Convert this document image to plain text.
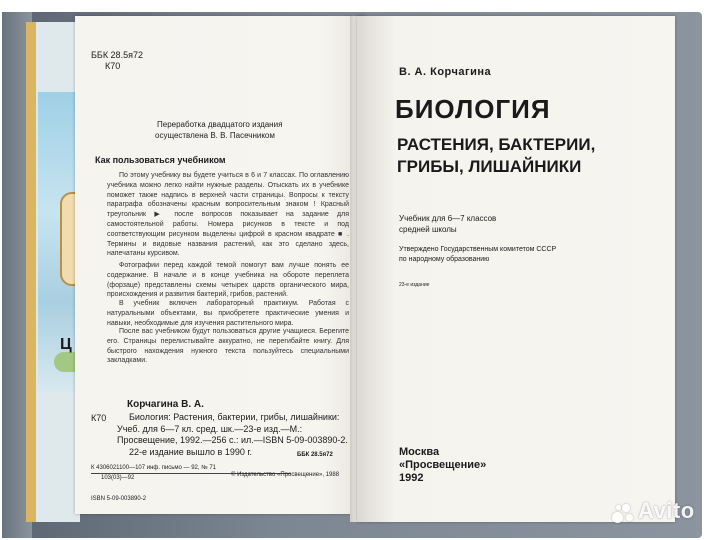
Ц
ББК 28.5я72
К70
Переработка двадцатого издания
осуществлена В. В. Пасечником
Как пользоваться учебником
По этому учебнику вы будете учиться в 6 и 7 классах. По оглавлению учебника можно легко найти нужные разделы. Отыскать их в учебнике поможет также надпись в верхней части страницы. Вопросы к тексту параграфа обозначены красным вопросительным знаком ! Красный треугольник ▶ после вопросов показывает на задание для самостоятельной работы. Номера рисунков в тексте и под соответствующим рисунком выделены цифрой в красном квадрате ■ . Термины и видовые названия растений, как это сделано здесь, напечатаны курсивом.
Фотографии перед каждой темой помогут вам лучше понять ее содержание. В начале и в конце учебника на обороте переплета (форзаце) представлены схемы четырех царств органического мира, происхождения и развития бактерий, грибов, растений.
В учебник включен лабораторный практикум. Работая с натуральными объектами, вы приобретете практические умения и навыки, необходимые для изучения растительного мира.
После вас учебником будут пользоваться другие учащиеся. Берегите его. Страницы перелистывайте аккуратно, не перегибайте книгу. Для быстрого нахождения нужного текста пользуйтесь специальными закладками.
Корчагина В. А.
К70	Биология: Растения, бактерии, грибы, лишайники: Учеб. для 6—7 кл. сред. шк.—23-е изд.—М.: Просвещение, 1992.—256 с.: ил.—ISBN 5-09-003890-2.
22-е издание вышло в 1990 г.	ББК 28.5я72
К 4306021100—107 инф. письмо — 92, № 71
103(03)—92
ISBN 5-09-003890-2
© Издательство «Просвещение», 1988
В. А. Корчагина
БИОЛОГИЯ
РАСТЕНИЯ, БАКТЕРИИ,
ГРИБЫ, ЛИШАЙНИКИ
Учебник для 6—7 классов
средней школы
Утверждено Государственным комитетом СССР
по народному образованию
23-е издание
Москва
«Просвещение»
1992
Avito
